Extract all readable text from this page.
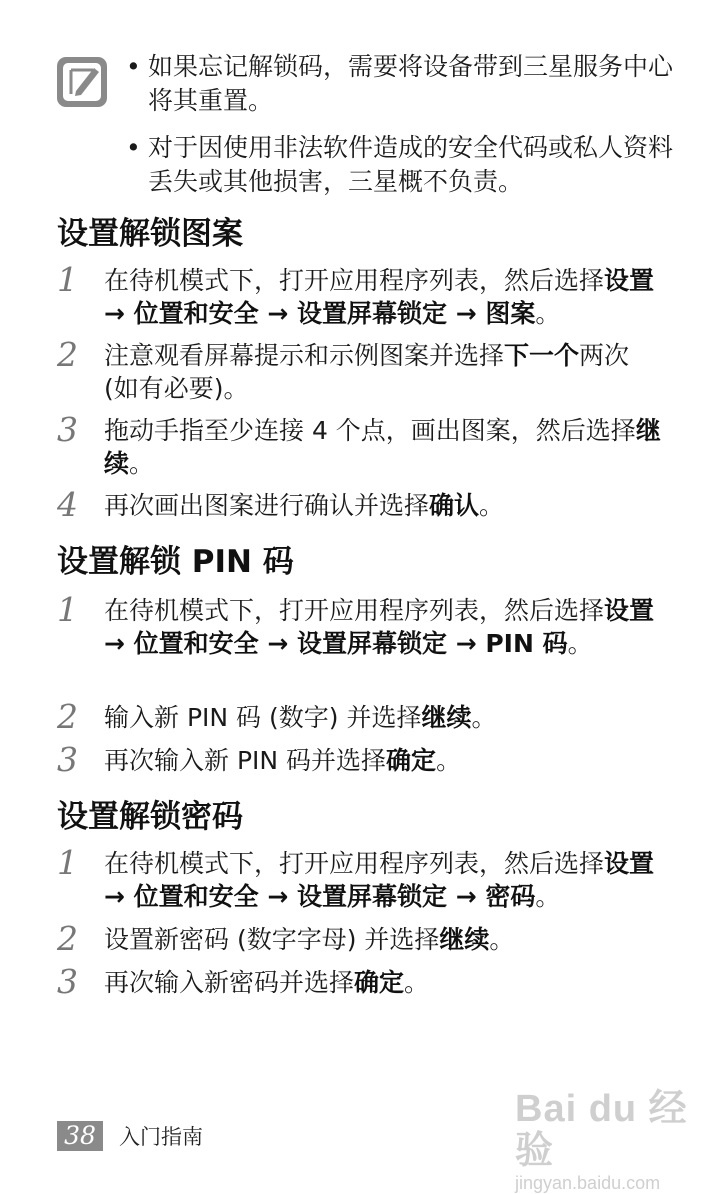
• 如果忘记解锁码，需要将设备带到三星服务中心将其重置。
• 对于因使用非法软件造成的安全代码或私人资料丢失或其他损害，三星概不负责。
设置解锁图案
1 在待机模式下，打开应用程序列表，然后选择设置 → 位置和安全 → 设置屏幕锁定 → 图案。
2 注意观看屏幕提示和示例图案并选择下一个两次 (如有必要)。
3 拖动手指至少连接 4 个点，画出图案，然后选择继续。
4 再次画出图案进行确认并选择确认。
设置解锁 PIN 码
1 在待机模式下，打开应用程序列表，然后选择设置 → 位置和安全 → 设置屏幕锁定 → PIN 码。
2 输入新 PIN 码 (数字) 并选择继续。
3 再次输入新 PIN 码并选择确定。
设置解锁密码
1 在待机模式下，打开应用程序列表，然后选择设置 → 位置和安全 → 设置屏幕锁定 → 密码。
2 设置新密码 (数字字母) 并选择继续。
3 再次输入新密码并选择确定。
38	入门指南
Bai du 经验
jingyan.baidu.com
